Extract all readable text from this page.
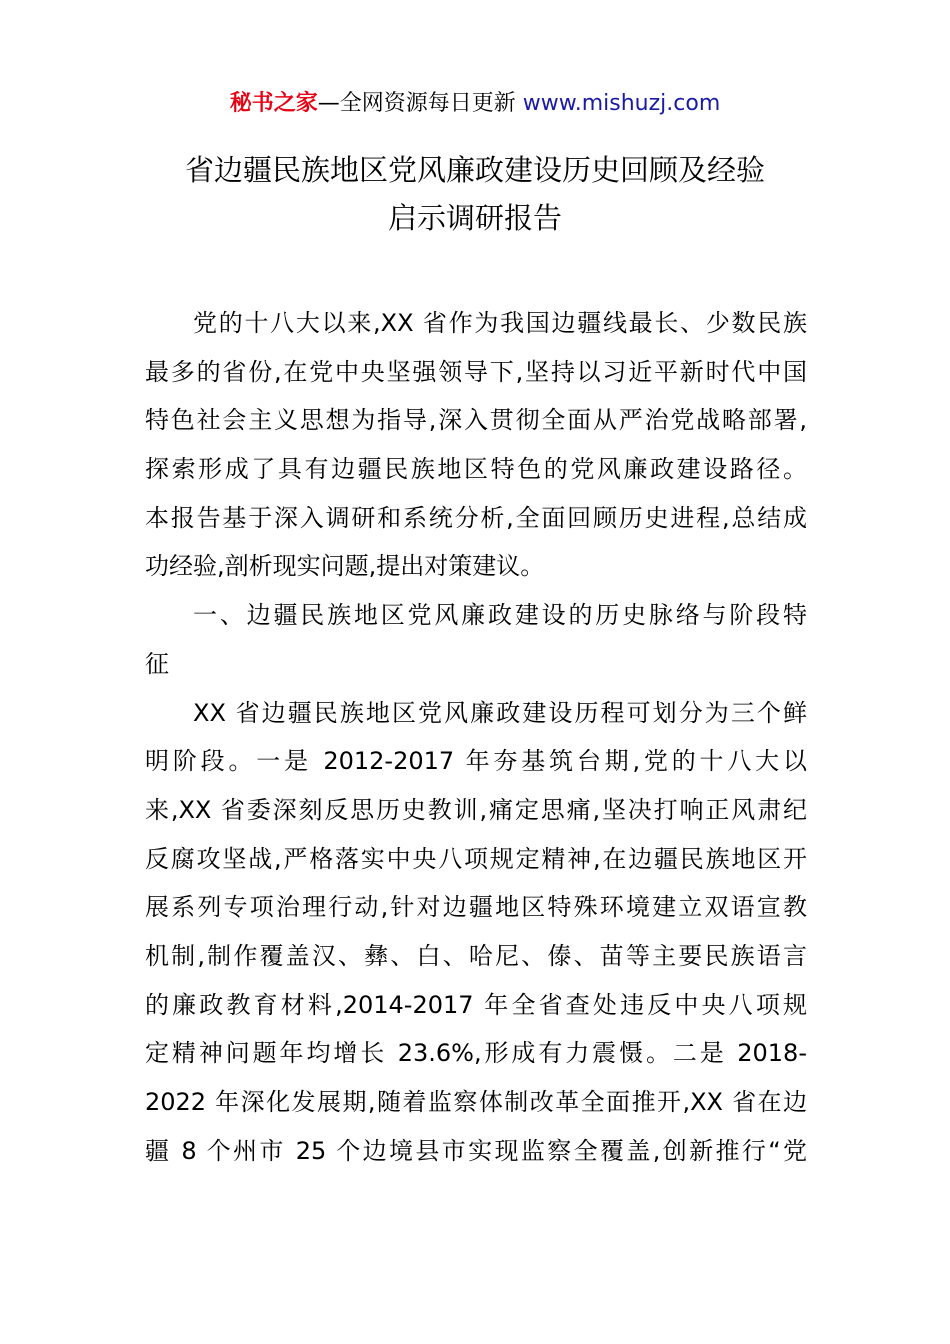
秘书之家—全网资源每日更新 www.mishuzj.com
省边疆民族地区党风廉政建设历史回顾及经验
启示调研报告
党的十八大以来,XX 省作为我国边疆线最长、少数民族
最多的省份,在党中央坚强领导下,坚持以习近平新时代中国
特色社会主义思想为指导,深入贯彻全面从严治党战略部署,
探索形成了具有边疆民族地区特色的党风廉政建设路径。
本报告基于深入调研和系统分析,全面回顾历史进程,总结成
功经验,剖析现实问题,提出对策建议。
一、边疆民族地区党风廉政建设的历史脉络与阶段特
征
XX 省边疆民族地区党风廉政建设历程可划分为三个鲜
明阶段。一是 2012-2017 年夯基筑台期,党的十八大以
来,XX 省委深刻反思历史教训,痛定思痛,坚决打响正风肃纪
反腐攻坚战,严格落实中央八项规定精神,在边疆民族地区开
展系列专项治理行动,针对边疆地区特殊环境建立双语宣教
机制,制作覆盖汉、彝、白、哈尼、傣、苗等主要民族语言
的廉政教育材料,2014-2017 年全省查处违反中央八项规
定精神问题年均增长 23.6%,形成有力震慑。二是 2018-
2022 年深化发展期,随着监察体制改革全面推开,XX 省在边
疆 8 个州市 25 个边境县市实现监察全覆盖,创新推行“党
